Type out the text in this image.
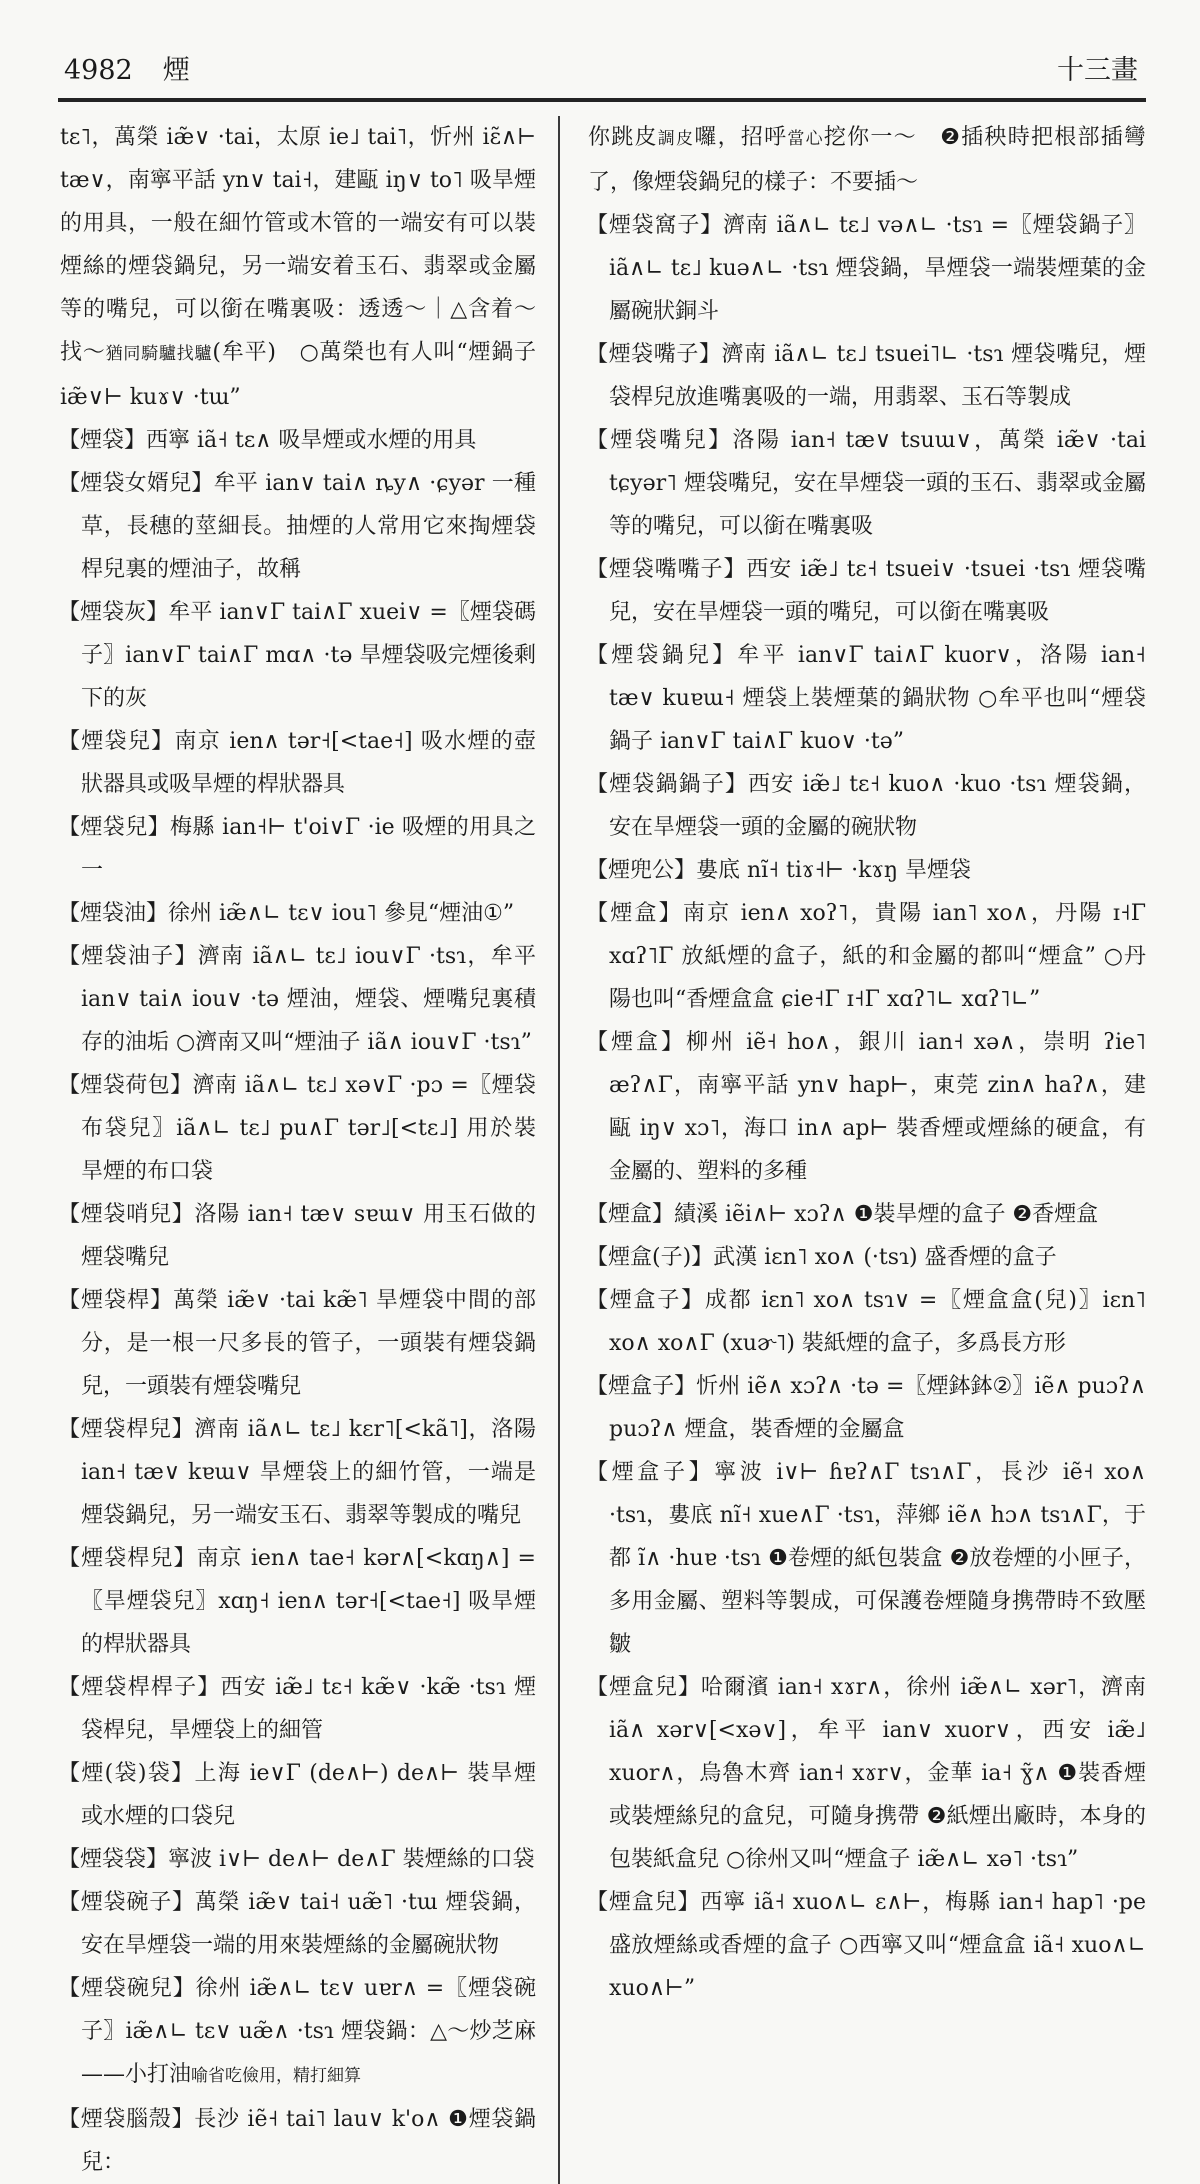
4982 煙	十三畫

tɛ˥，萬榮 iæ̃∨ ·tai，太原 ie˩ tai˥，忻州 iɛ̃∧⊢ tæ∨，南寧平話 yn∨ tai˧，建甌 iŋ∨ to˥ 吸旱煙的用具，一般在細竹管或木管的一端安有可以裝煙絲的煙袋鍋兒，另一端安着玉石、翡翠或金屬等的嘴兒，可以銜在嘴裏吸：透透～｜△含着～找～猶同騎驢找驢(牟平)　○萬榮也有人叫“煙鍋子 iæ̃∨⊢ kuɤ∨ ·tɯ”

【煙袋】西寧 iã˧ tɛ∧ 吸旱煙或水煙的用具

【煙袋女婿兒】牟平 ian∨ tai∧ ȵy∧ ·ɕyər 一種草，長穗的莖細長。抽煙的人常用它來掏煙袋桿兒裏的煙油子，故稱

【煙袋灰】牟平 ian∨Γ tai∧Γ xuei∨ =〖煙袋碼子〗ian∨Γ tai∧Γ mɑ∧ ·tə 旱煙袋吸完煙後剩下的灰

【煙袋兒】南京 ien∧ tər˧[<tae˧] 吸水煙的壺狀器具或吸旱煙的桿狀器具

【煙袋兒】梅縣 ian˧⊢ t'oi∨Γ ·ie 吸煙的用具之一

【煙袋油】徐州 iæ̃∧∟ tɛ∨ iou˥ 參見“煙油①”

【煙袋油子】濟南 iã∧∟ tɛ˩ iou∨Γ ·tsɿ，牟平 ian∨ tai∧ iou∨ ·tə 煙油，煙袋、煙嘴兒裏積存的油垢 ○濟南又叫“煙油子 iã∧ iou∨Γ ·tsɿ”

【煙袋荷包】濟南 iã∧∟ tɛ˩ xə∨Γ ·pɔ =〖煙袋布袋兒〗iã∧∟ tɛ˩ pu∧Γ tər˩[<tɛ˩] 用於裝旱煙的布口袋

【煙袋哨兒】洛陽 ian˧ tæ∨ sɐɯ∨ 用玉石做的煙袋嘴兒

【煙袋桿】萬榮 iæ̃∨ ·tai kæ̃˥ 旱煙袋中間的部分，是一根一尺多長的管子，一頭裝有煙袋鍋兒，一頭裝有煙袋嘴兒

【煙袋桿兒】濟南 iã∧∟ tɛ˩ kɛr˥[<kã˥]，洛陽 ian˧ tæ∨ kɐɯ∨ 旱煙袋上的細竹管，一端是煙袋鍋兒，另一端安玉石、翡翠等製成的嘴兒

【煙袋桿兒】南京 ien∧ tae˧ kər∧[<kɑŋ∧] =〖旱煙袋兒〗xɑŋ˧ ien∧ tər˧[<tae˧] 吸旱煙的桿狀器具

【煙袋桿桿子】西安 iæ̃˩ tɛ˧ kæ̃∨ ·kæ̃ ·tsɿ 煙袋桿兒，旱煙袋上的細管

【煙(袋)袋】上海 ie∨Γ (de∧⊢) de∧⊢ 裝旱煙或水煙的口袋兒

【煙袋袋】寧波 i∨⊢ de∧⊢ de∧Γ 裝煙絲的口袋

【煙袋碗子】萬榮 iæ̃∨ tai˧ uæ̃˥ ·tɯ 煙袋鍋，安在旱煙袋一端的用來裝煙絲的金屬碗狀物

【煙袋碗兒】徐州 iæ̃∧∟ tɛ∨ uɐr∧ =〖煙袋碗子〗iæ̃∧∟ tɛ∨ uæ̃∧ ·tsɿ 煙袋鍋：△～炒芝麻——小打油喻省吃儉用，精打細算

【煙袋腦殼】長沙 iẽ˧ tai˥ lau∨ k'o∧ ❶煙袋鍋兒：

你跳皮調皮囉，招呼當心挖你一～　❷插秧時把根部插彎了，像煙袋鍋兒的樣子：不要插～

【煙袋窩子】濟南 iã∧∟ tɛ˩ və∧∟ ·tsɿ =〖煙袋鍋子〗iã∧∟ tɛ˩ kuə∧∟ ·tsɿ 煙袋鍋，旱煙袋一端裝煙葉的金屬碗狀銅斗

【煙袋嘴子】濟南 iã∧∟ tɛ˩ tsuei˥∟ ·tsɿ 煙袋嘴兒，煙袋桿兒放進嘴裏吸的一端，用翡翠、玉石等製成

【煙袋嘴兒】洛陽 ian˧ tæ∨ tsuɯ∨，萬榮 iæ̃∨ ·tai tɕyər˥ 煙袋嘴兒，安在旱煙袋一頭的玉石、翡翠或金屬等的嘴兒，可以銜在嘴裏吸

【煙袋嘴嘴子】西安 iæ̃˩ tɛ˧ tsuei∨ ·tsuei ·tsɿ 煙袋嘴兒，安在旱煙袋一頭的嘴兒，可以銜在嘴裏吸

【煙袋鍋兒】牟平 ian∨Γ tai∧Γ kuor∨，洛陽 ian˧ tæ∨ kuɐɯ˧ 煙袋上裝煙葉的鍋狀物 ○牟平也叫“煙袋鍋子 ian∨Γ tai∧Γ kuo∨ ·tə”

【煙袋鍋鍋子】西安 iæ̃˩ tɛ˧ kuo∧ ·kuo ·tsɿ 煙袋鍋，安在旱煙袋一頭的金屬的碗狀物

【煙兜公】婁底 nĩ˧ tiɤ˧⊢ ·kɤŋ 旱煙袋

【煙盒】南京 ien∧ xoʔ˥，貴陽 ian˥ xo∧，丹陽 ɪ˧Γ xɑʔ˥Γ 放紙煙的盒子，紙的和金屬的都叫“煙盒” ○丹陽也叫“香煙盒盒 ɕie˧Γ ɪ˧Γ xɑʔ˥∟ xɑʔ˥∟”

【煙盒】柳州 iẽ˧ ho∧，銀川 ian˧ xə∧，崇明 ʔie˥ æʔ∧Γ，南寧平話 yn∨ hap⊢，東莞 zin∧ haʔ∧，建甌 iŋ∨ xɔ˥，海口 in∧ ap⊢ 裝香煙或煙絲的硬盒，有金屬的、塑料的多種

【煙盒】績溪 iẽi∧⊢ xɔʔ∧ ❶裝旱煙的盒子 ❷香煙盒

【煙盒(子)】武漢 iɛn˥ xo∧ (·tsɿ) 盛香煙的盒子

【煙盒子】成都 iɛn˥ xo∧ tsɿ∨ =〖煙盒盒(兒)〗iɛn˥ xo∧ xo∧Γ (xuɚ˥) 裝紙煙的盒子，多爲長方形

【煙盒子】忻州 iẽ∧ xɔʔ∧ ·tə =〖煙鉢鉢②〗iẽ∧ puɔʔ∧ puɔʔ∧ 煙盒，裝香煙的金屬盒

【煙盒子】寧波 i∨⊢ ɦɐʔ∧Γ tsɿ∧Γ，長沙 iẽ˧ xo∧ ·tsɿ，婁底 nĩ˧ xue∧Γ ·tsɿ，萍鄉 iẽ∧ hɔ∧ tsɿ∧Γ，于都 ĩ∧ ·huɐ ·tsɿ ❶卷煙的紙包裝盒 ❷放卷煙的小匣子，多用金屬、塑料等製成，可保護卷煙隨身携帶時不致壓皺

【煙盒兒】哈爾濱 ian˧ xɤr∧，徐州 iæ̃∧∟ xər˥，濟南 iã∧ xər∨[<xə∨]，牟平 ian∨ xuor∨，西安 iæ̃˩ xuor∧，烏魯木齊 ian˧ xɤr∨，金華 ia˧ ɣ̃∧ ❶裝香煙或裝煙絲兒的盒兒，可隨身携帶 ❷紙煙出廠時，本身的包裝紙盒兒 ○徐州又叫“煙盒子 iæ̃∧∟ xə˥ ·tsɿ”

【煙盒兒】西寧 iã˧ xuo∧∟ ɛ∧⊢，梅縣 ian˧ hap˥ ·pe 盛放煙絲或香煙的盒子 ○西寧又叫“煙盒盒 iã˧ xuo∧∟ xuo∧⊢”
